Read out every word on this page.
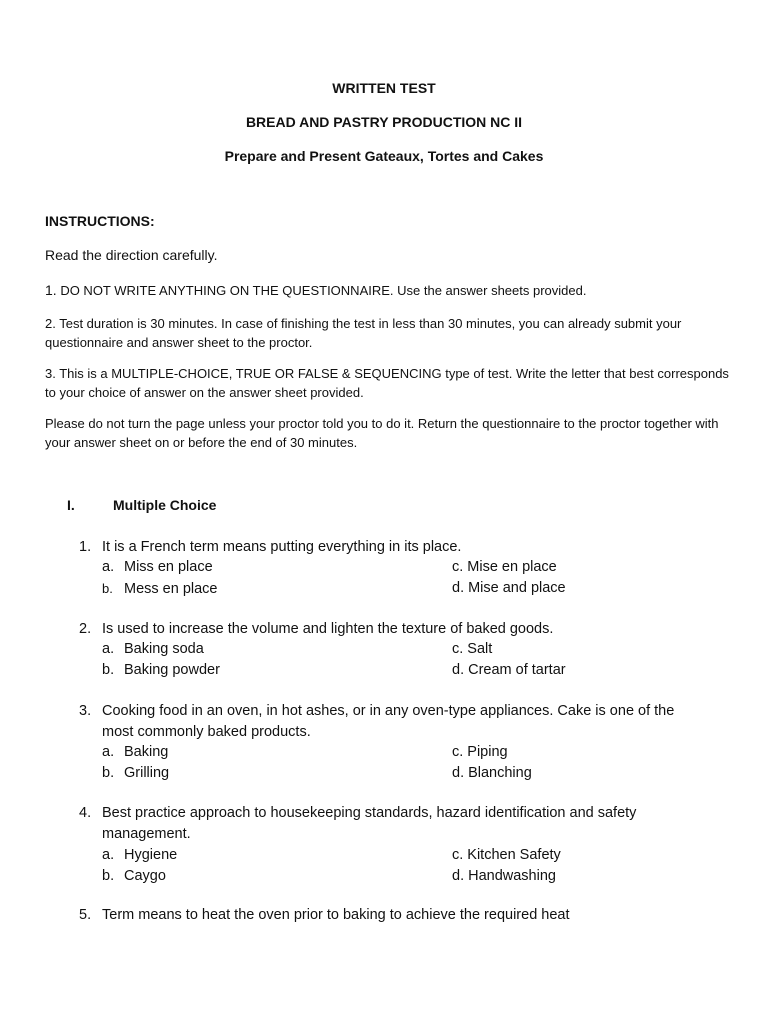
WRITTEN TEST
BREAD AND PASTRY PRODUCTION NC II
Prepare and Present Gateaux, Tortes and Cakes
INSTRUCTIONS:
Read the direction carefully.
1. DO NOT WRITE ANYTHING ON THE QUESTIONNAIRE. Use the answer sheets provided.
2. Test duration is 30 minutes. In case of finishing the test in less than 30 minutes, you can already submit your questionnaire and answer sheet to the proctor.
3. This is a MULTIPLE-CHOICE, TRUE OR FALSE & SEQUENCING type of test. Write the letter that best corresponds to your choice of answer on the answer sheet provided.
Please do not turn the page unless your proctor told you to do it. Return the questionnaire to the proctor together with your answer sheet on or before the end of 30 minutes.
I.	Multiple Choice
1. It is a French term means putting everything in its place.
a. Miss en place
b. Mess en place
c. Mise en place
d. Mise and place
2. Is used to increase the volume and lighten the texture of baked goods.
a. Baking soda
b. Baking powder
c. Salt
d. Cream of tartar
3. Cooking food in an oven, in hot ashes, or in any oven-type appliances. Cake is one of the most commonly baked products.
a. Baking
b. Grilling
c. Piping
d. Blanching
4. Best practice approach to housekeeping standards, hazard identification and safety management.
a. Hygiene
b. Caygo
c. Kitchen Safety
d. Handwashing
5. Term means to heat the oven prior to baking to achieve the required heat
